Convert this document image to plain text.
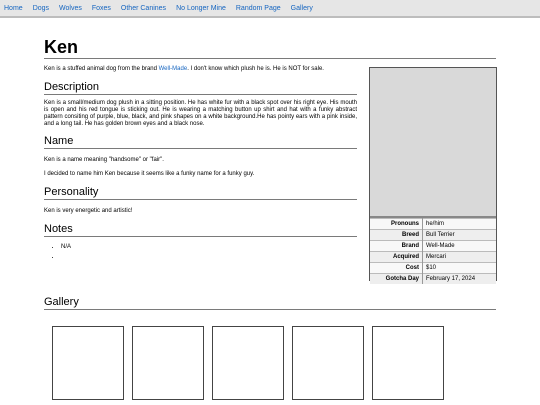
Home Dogs Wolves Foxes Other Canines No Longer Mine Random Page Gallery
Ken

Ken is a stuffed animal dog from the brand Well-Made. I don't know which plush he is. He is NOT for sale.

Description

Ken is a small/medium dog plush in a sitting position. He has white fur with a black spot over his right eye. His mouth is open and his red tongue is sticking out. He is wearing a matching button up shirt and hat with a funky abstract pattern consiting of purple, blue, black, and pink shapes on a white background.He has pointy ears with a pink inside, and a long tail. He has golden brown eyes and a black nose.

Name

Ken is a name meaning "handsome" or "fair".

I decided to name him Ken because it seems like a funky name for a funky guy.

Personality

Ken is very energetic and artistic!

Notes
• N/A
•
Pronouns	he/him
Breed	Bull Terrier
Brand	Well-Made
Acquired	Mercari
Cost	$10
Gotcha Day	February 17, 2024
Gallery
